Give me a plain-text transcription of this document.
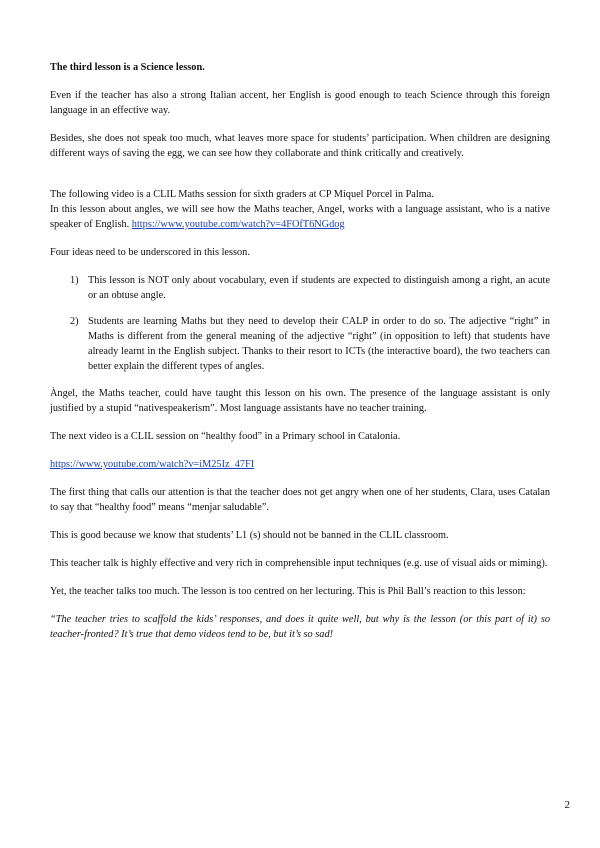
The third lesson is a Science lesson.

Even if the teacher has also a strong Italian accent, her English is good enough to teach Science through this foreign language in an effective way.

Besides, she does not speak too much, what leaves more space for students’ participation. When children are designing different ways of saving the egg, we can see how they collaborate and think critically and creatively.

The following video is a CLIL Maths session for sixth graders at CP Miquel Porcel in Palma.

In this lesson about angles, we will see how the Maths teacher, Angel, works with a language assistant, who is a native speaker of English. https://www.youtube.com/watch?v=4FOfT6NGdog

Four ideas need to be underscored in this lesson.

1) This lesson is NOT only about vocabulary, even if students are expected to distinguish among a right, an acute or an obtuse angle.
2) Students are learning Maths but they need to develop their CALP in order to do so. The adjective “right” in Maths is different from the general meaning of the adjective “right” (in opposition to left) that students have already learnt in the English subject. Thanks to their resort to ICTs (the interactive board), the two teachers can better explain the different types of angles.

Àngel, the Maths teacher, could have taught this lesson on his own. The presence of the language assistant is only justified by a stupid “nativespeakerism”. Most language assistants have no teacher training.

The next video is a CLIL session on “healthy food” in a Primary school in Catalonia.

https://www.youtube.com/watch?v=iM25Iz_47FI

The first thing that calls our attention is that the teacher does not get angry when one of her students, Clara, uses Catalan to say that “healthy food” means “menjar saludable”.

This is good because we know that students’ L1 (s) should not be banned in the CLIL classroom.

This teacher talk is highly effective and very rich in comprehensible input techniques (e.g. use of visual aids or miming).

Yet, the teacher talks too much. The lesson is too centred on her lecturing. This is Phil Ball’s reaction to this lesson:

“The teacher tries to scaffold the kids’ responses, and does it quite well, but why is the lesson (or this part of it) so teacher-fronted? It’s true that demo videos tend to be, but it’s so sad!

2
